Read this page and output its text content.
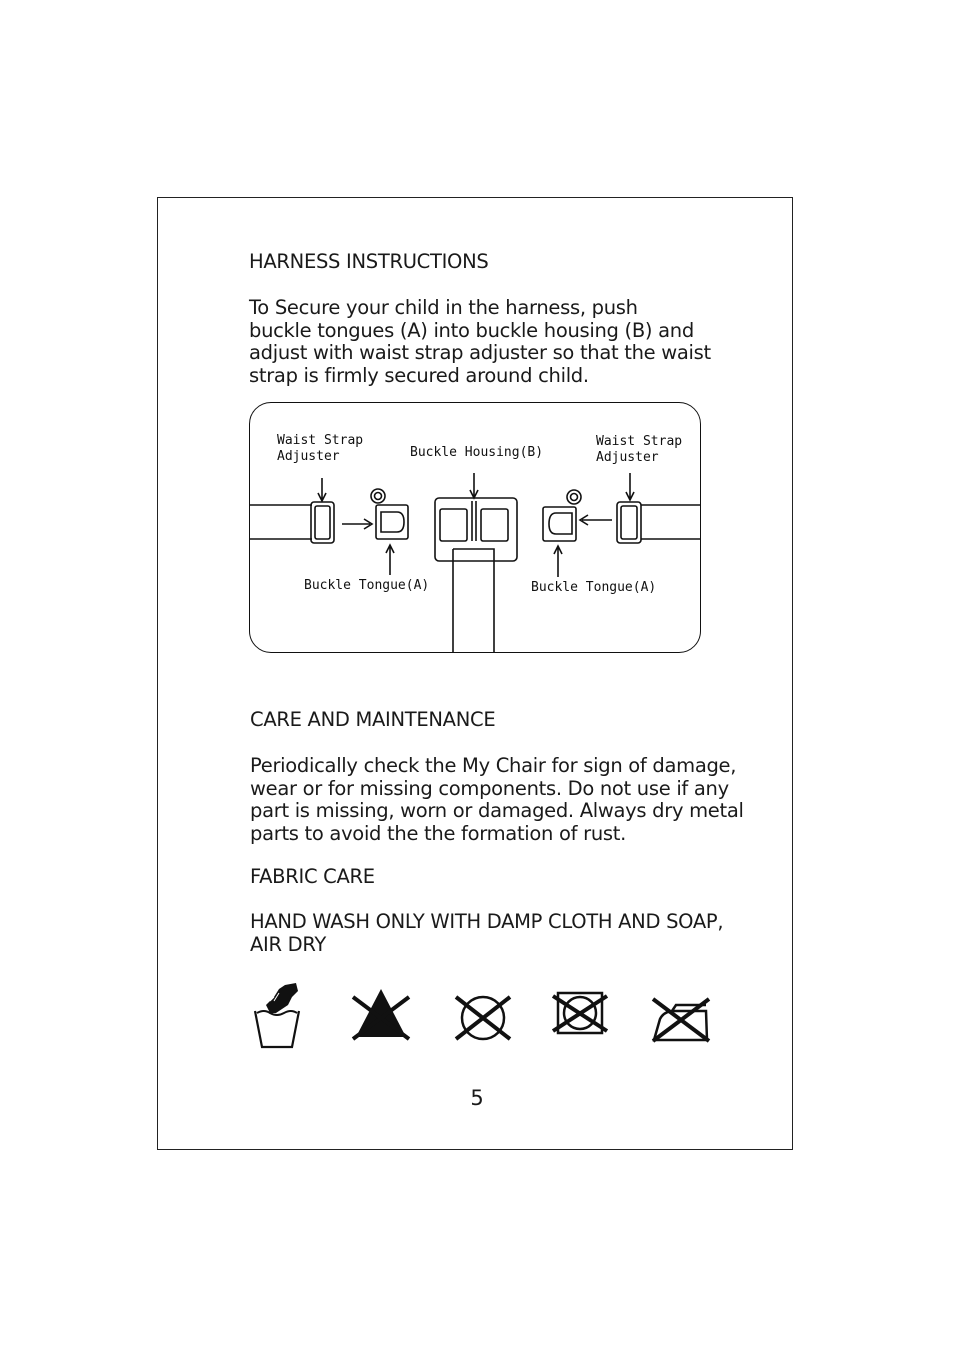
HARNESS INSTRUCTIONS

To Secure your child in the harness, push
buckle tongues (A) into buckle housing (B) and
adjust with waist strap adjuster so that the waist
strap is firmly secured around child.

Waist Strap
Adjuster	Buckle Housing(B)
Waist Strap
Adjuster
Buckle Tongue(A)	Buckle Tongue(A)
CARE AND MAINTENANCE

Periodically check the My Chair for sign of damage,
wear or for missing components. Do not use if any
part is missing, worn or damaged. Always dry metal
parts to avoid the the formation of rust.

FABRIC CARE

HAND WASH ONLY WITH DAMP CLOTH AND SOAP,
AIR DRY

5
